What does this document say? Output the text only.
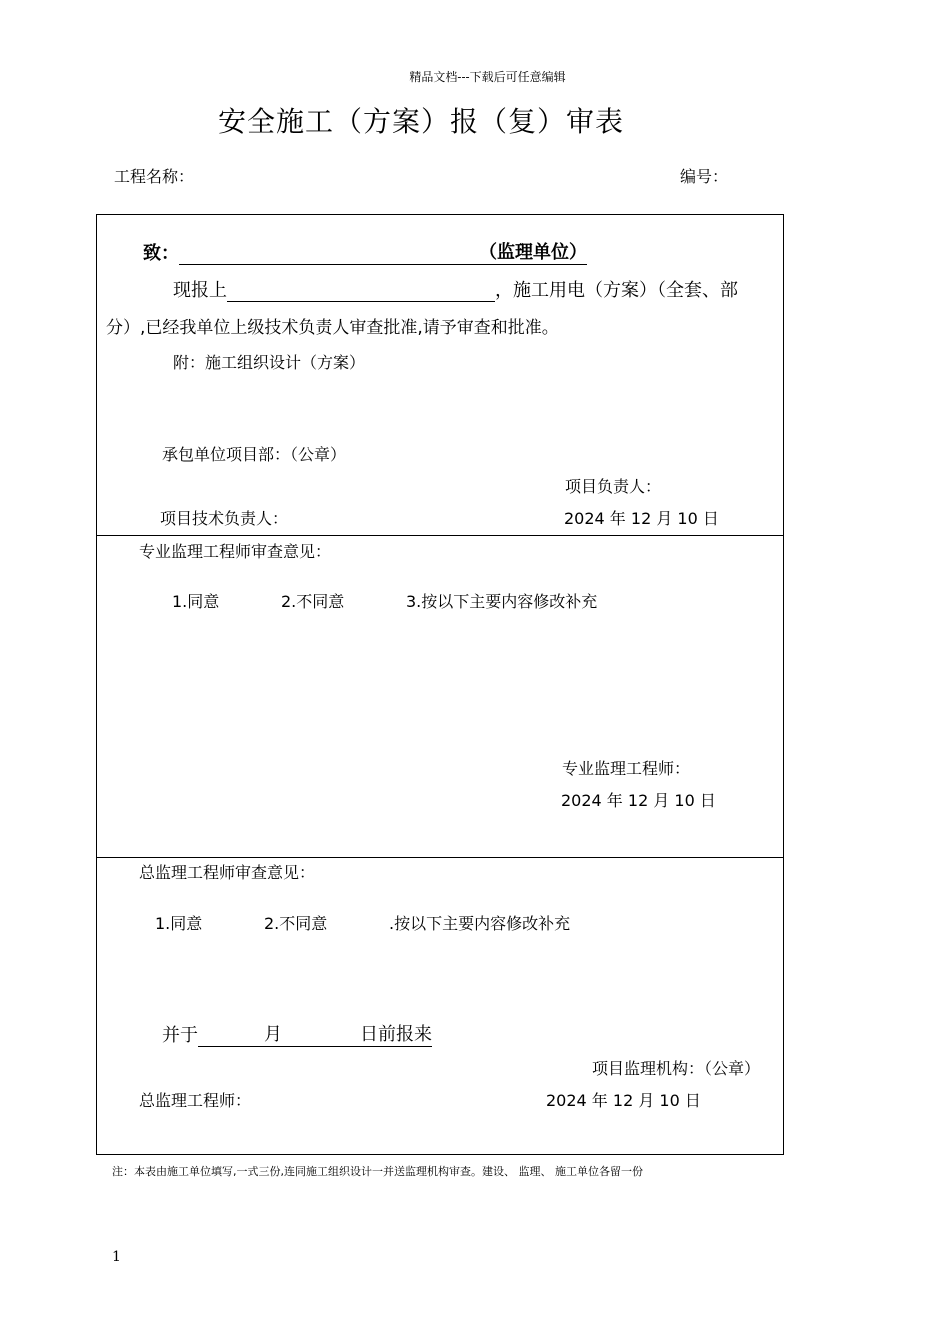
精品文档---下载后可任意编辑
安全施工（方案）报（复）审表
工程名称：	编号：
致：	（监理单位）
现报上	，施工用电（方案）（全套、部
分）,已经我单位上级技术负责人审查批准,请予审查和批准。
附：施工组织设计（方案）
承包单位项目部：（公章）
项目负责人：
项目技术负责人：	2024 年 12 月 10 日
专业监理工程师审查意见：
1.同意	2.不同意	3.按以下主要内容修改补充
专业监理工程师：
2024 年 12 月 10 日
总监理工程师审查意见：
1.同意	2.不同意	.按以下主要内容修改补充
并于	月	日前报来
项目监理机构：（公章）
总监理工程师：	2024 年 12 月 10 日
注：本表由施工单位填写,一式三份,连同施工组织设计一并送监理机构审查。建设、 监理、 施工单位各留一份
1
